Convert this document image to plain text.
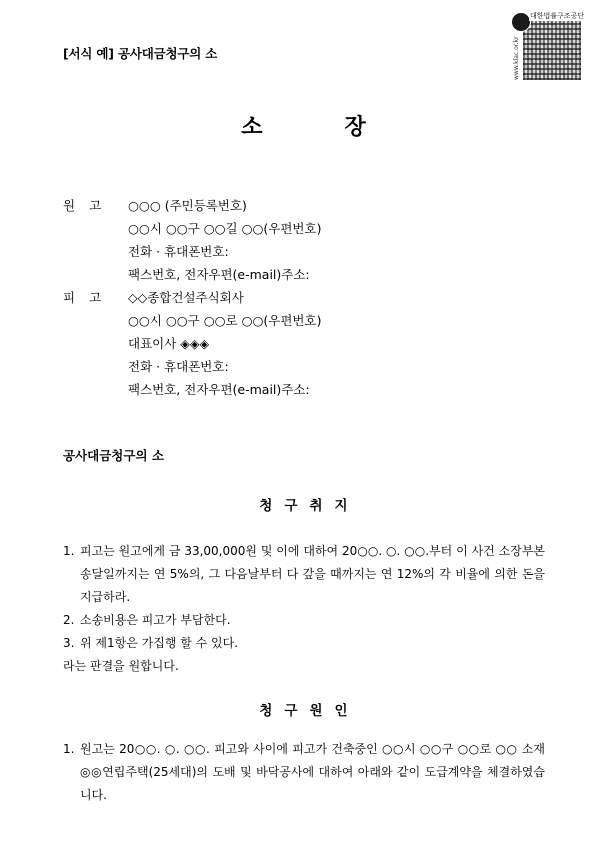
[서식 예] 공사대금청구의 소
대한법률구조공단
www.klac.or.kr
소장
원고	○○○ (주민등록번호)
○○시 ○○구 ○○길 ○○(우편번호)
전화 · 휴대폰번호:
팩스번호, 전자우편(e-mail)주소:
피고	◇◇종합건설주식회사
○○시 ○○구 ○○로 ○○(우편번호)
대표이사 ◈◈◈
전화 · 휴대폰번호:
팩스번호, 전자우편(e-mail)주소:
공사대금청구의 소
청구취지
1. 피고는 원고에게 금 33,00,000원 및 이에 대하여 20○○. ○. ○○.부터 이 사건 소장부본 송달일까지는 연 5%의, 그 다음날부터 다 갚을 때까지는 연 12%의 각 비율에 의한 돈을 지급하라.
2. 소송비용은 피고가 부담한다.
3. 위 제1항은 가집행 할 수 있다.
라는 판결을 원합니다.
청구원인
1. 원고는 20○○. ○. ○○. 피고와 사이에 피고가 건축중인 ○○시 ○○구 ○○로 ○○ 소재 ◎◎연립주택(25세대)의 도배 및 바닥공사에 대하여 아래와 같이 도급계약을 체결하였습니다.
